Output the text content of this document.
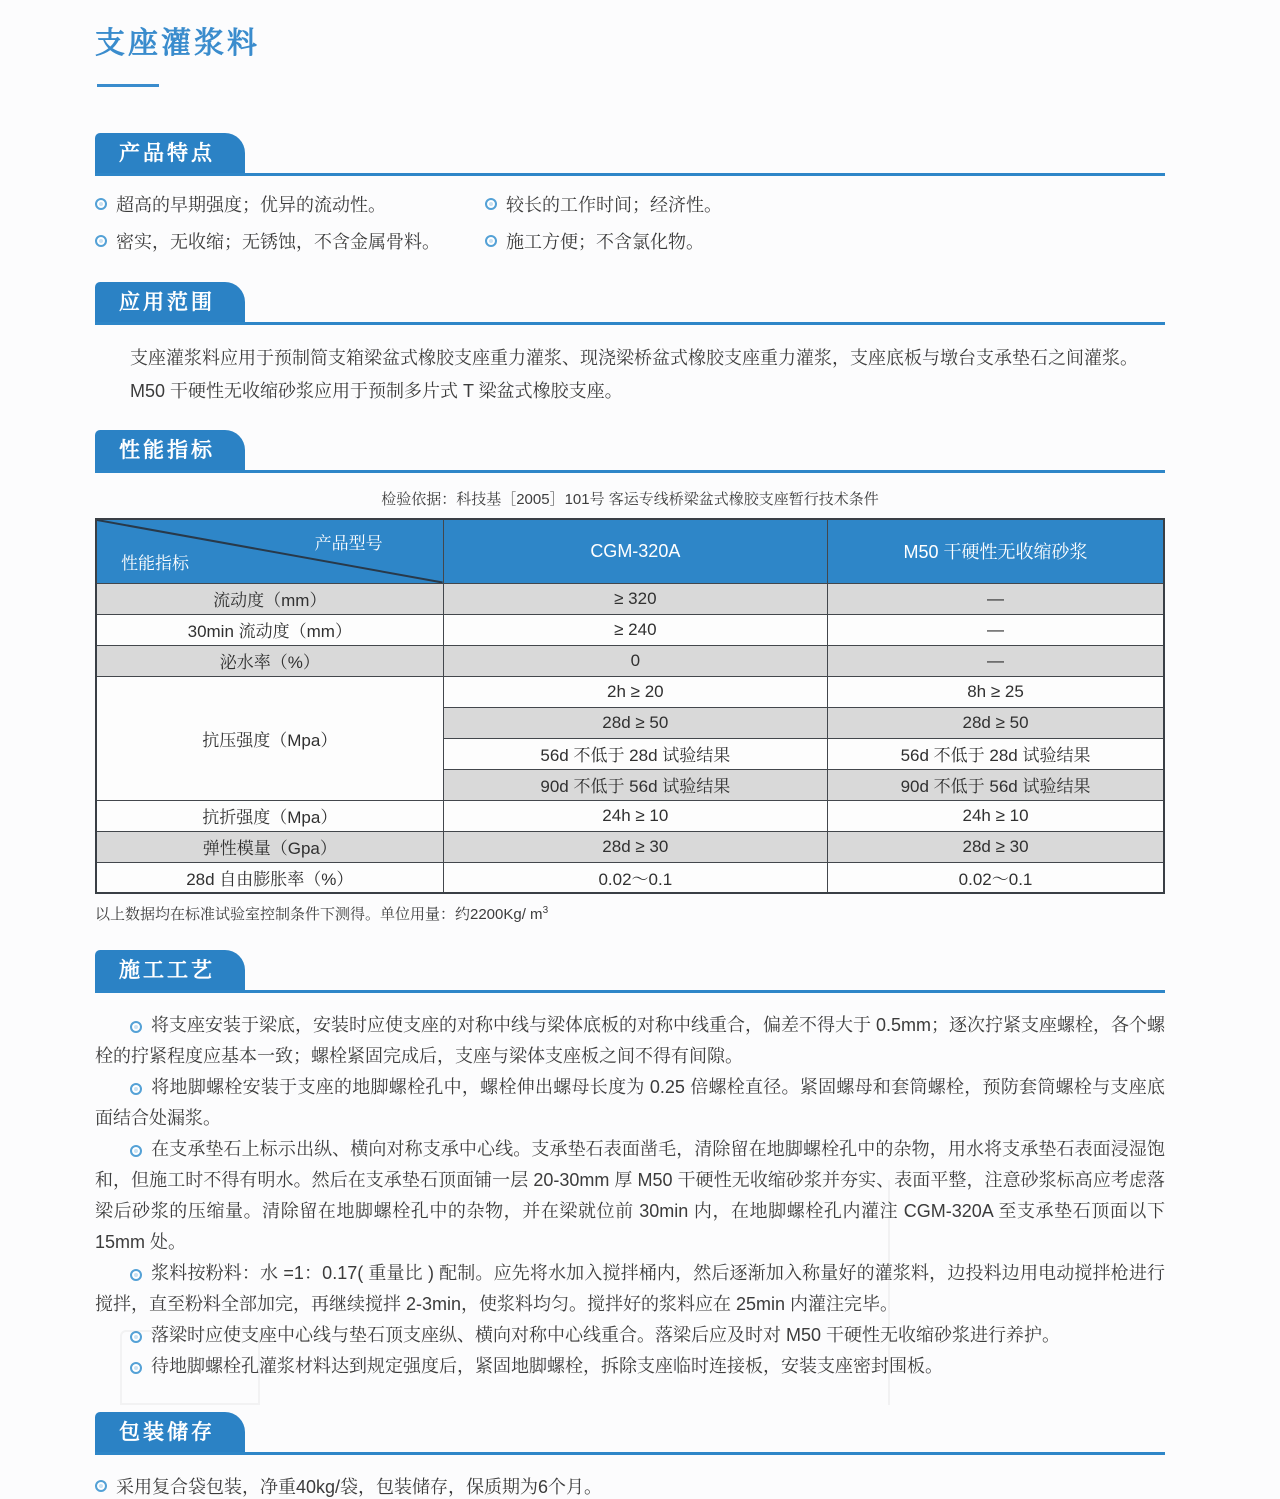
支座灌浆料
产品特点
超高的早期强度；优异的流动性。	较长的工作时间；经济性。
密实，无收缩；无锈蚀，不含金属骨料。	施工方便；不含氯化物。
应用范围
支座灌浆料应用于预制简支箱梁盆式橡胶支座重力灌浆、现浇梁桥盆式橡胶支座重力灌浆，支座底板与墩台支承垫石之间灌浆。
M50 干硬性无收缩砂浆应用于预制多片式 T 梁盆式橡胶支座。
性能指标
检验依据：科技基［2005］101号 客运专线桥梁盆式橡胶支座暂行技术条件
产品型号
性能指标	CGM-320A	M50 干硬性无收缩砂浆
流动度（mm）	≥ 320	—
30min 流动度（mm）	≥ 240	—
泌水率（%）	0	—
抗压强度（Mpa）	2h ≥ 20	8h ≥ 25
	28d ≥ 50	28d ≥ 50
	56d 不低于 28d 试验结果	56d 不低于 28d 试验结果
	90d 不低于 56d 试验结果	90d 不低于 56d 试验结果
抗折强度（Mpa）	24h ≥ 10	24h ≥ 10
弹性模量（Gpa）	28d ≥ 30	28d ≥ 30
28d 自由膨胀率（%）	0.02～0.1	0.02～0.1
以上数据均在标准试验室控制条件下测得。单位用量：约2200Kg/ $m^3$
施工工艺

将支座安装于梁底，安装时应使支座的对称中线与梁体底板的对称中线重合，偏差不得大于 0.5mm；逐次拧紧支座螺栓，各个螺栓的拧紧程度应基本一致；螺栓紧固完成后，支座与梁体支座板之间不得有间隙。

将地脚螺栓安装于支座的地脚螺栓孔中，螺栓伸出螺母长度为 0.25 倍螺栓直径。紧固螺母和套筒螺栓，预防套筒螺栓与支座底面结合处漏浆。

在支承垫石上标示出纵、横向对称支承中心线。支承垫石表面凿毛，清除留在地脚螺栓孔中的杂物，用水将支承垫石表面浸湿饱和，但施工时不得有明水。然后在支承垫石顶面铺一层 20-30mm 厚 M50 干硬性无收缩砂浆并夯实、表面平整，注意砂浆标高应考虑落梁后砂浆的压缩量。清除留在地脚螺栓孔中的杂物，并在梁就位前 30min 内，在地脚螺栓孔内灌注 CGM-320A 至支承垫石顶面以下 15mm 处。

浆料按粉料：水 =1：0.17( 重量比 ) 配制。应先将水加入搅拌桶内，然后逐渐加入称量好的灌浆料，边投料边用电动搅拌枪进行搅拌，直至粉料全部加完，再继续搅拌 2-3min，使浆料均匀。搅拌好的浆料应在 25min 内灌注完毕。

落梁时应使支座中心线与垫石顶支座纵、横向对称中心线重合。落梁后应及时对 M50 干硬性无收缩砂浆进行养护。

待地脚螺栓孔灌浆材料达到规定强度后，紧固地脚螺栓，拆除支座临时连接板，安装支座密封围板。

包装储存
采用复合袋包装，净重40kg/袋，包装储存，保质期为6个月。
